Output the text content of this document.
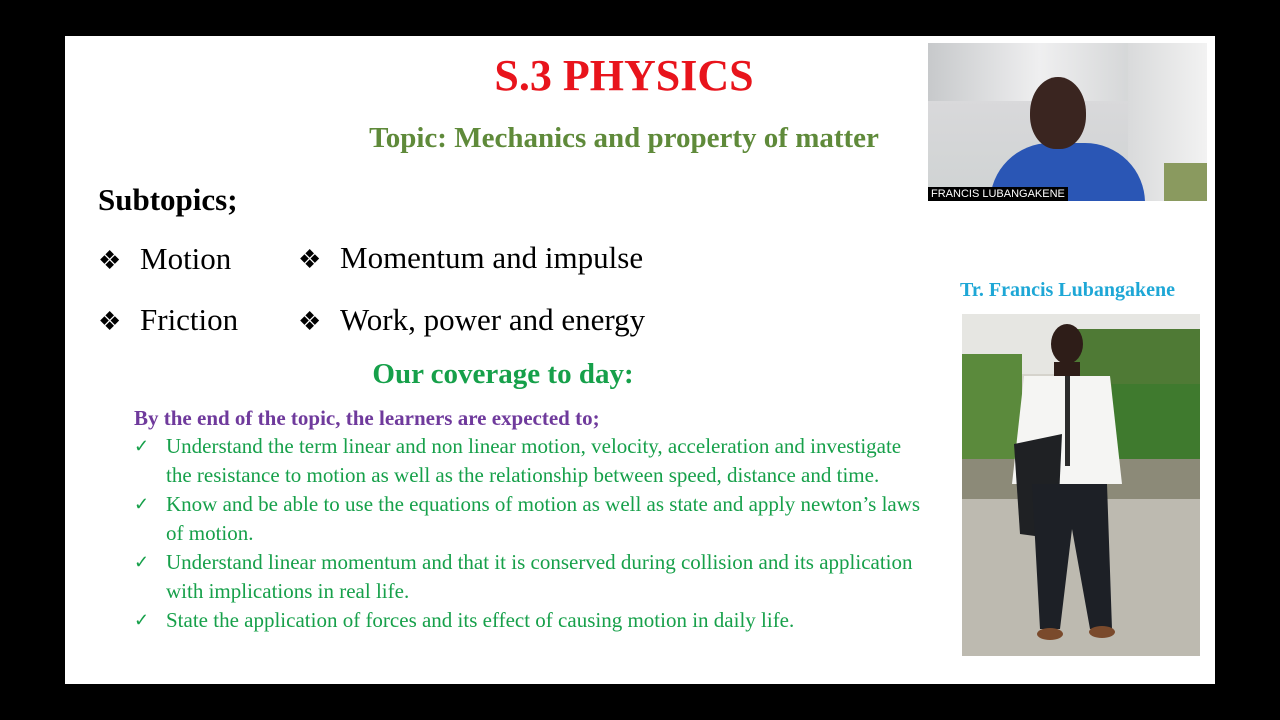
S.3 PHYSICS
Topic: Mechanics and property of matter
Subtopics;
❖ Motion
❖ Friction
❖ Momentum and impulse
❖ Work, power and energy
Our coverage to day:
By the end of the topic, the learners are expected to;
✓ Understand the term linear and non linear motion, velocity, acceleration and investigate the resistance to motion as well as the relationship between speed, distance and time.
✓ Know and be able to use the equations of motion as well as state and apply newton’s laws of motion.
✓ Understand linear momentum and that it is conserved during collision and its application with implications in real life.
✓ State the application of forces and its effect of causing motion in daily life.
FRANCIS LUBANGAKENE
Tr. Francis Lubangakene
